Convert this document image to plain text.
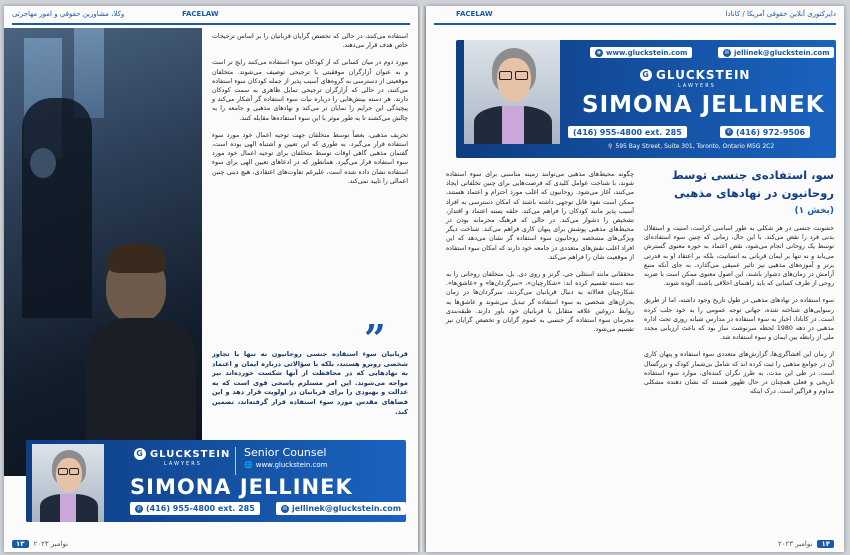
وکلا، مشاورین حقوقی و امور مهاجرتی	FACELAW

استفاده می‌کنند، در حالی که تخصص گرایان قربانیان را بر اساس ترجیحات خاص هدف قرار می‌دهند.

مورد دوم در میان کسانی که از کودکان سوء استفاده می‌کنند رایج تر است و به عنوان آزارگران موفقیتی با ترجیحی توصیف می‌شوند. متخلفان موقعیتی از دسترسی به گروه‌های آسیب پذیر از جمله کودکان سوء استفاده می‌کنند، در حالی که آزارگران ترجیحی تمایل ظاهری به سمت کودکان دارند. هر دسته بینش‌هایی را درباره نیات سوء استفاده گر آشکار می‌کند و پیچیدگی این جرایم را نمایان تر می‌کند و نهادهای مذهبی و جامعه را به چالش می‌کشند تا به طور موثر با این سوء استفاده‌ها مقابله کنند.

تحریف مذهبی، بعضاً توسط متخلفان جهت توجیه اعمال خود مورد سوء استفاده قرار می‌گیرد. به طوری که این تعیین و اشتباه الهی بوده است، گفتمان مذهبی گاهی اوقات توسط متخلفان برای توجیه اعمال خود مورد سوء استفاده قرار می‌گیرد. همانطور که در ادعاهای تعیین الهی برای سوء استفاده نشان داده شده است، علیرغم تفاوت‌های اعتقادی، هیچ دینی چنین اعمالی را تایید نمی‌کند.

”
قربانیان سوء استفاده جنسی روحانیون نه تنها با تجاوز شخصی روبرو هستند، بلکه با سؤالاتی درباره ایمان و اعتماد به نهادهایی که در محافظت از آنها شکست خورده‌اند نیز مواجه می‌شوند. این امر مستلزم پاسخی قوی است که به عدالت و بهبودی را برای قربانیان در اولویت قرار دهد و این فضاهای مقدس مورد سوء استفاده قرار گرفته‌اند، تضمین کند.
G GLUCKSTEIN
LAWYERS
Senior Counsel
🌐 www.gluckstein.com
SIMONA JELLINEK
✆ (416) 955-4800 ext. 285	✉ jellinek@gluckstein.com
۱۳	نوامبر ۲۰۲۳
FACELAW	دایرکتوری آنلاین حقوقی آمریکا / کانادا
⊕ www.gluckstein.com	✉ jellinek@gluckstein.com
G GLUCKSTEIN
LAWYERS
SIMONA JELLINEK
(416) 955-4800 ext. 285	✆ (416) 972-9506
⚲ 595 Bay Street, Suite 301, Toronto, Ontario M5G 2C2
سو، استفاده‌ی جنسی توسط
روحانیون در نهادهای مذهبی
(بخش ۱)

خشونت جنسی در هر شکلی به طور اساسی کرامت، امنیت و استقلال بدنی فرد را نقض می‌کند. با این حال، زمانی که چنین سوء استفاده‌ای توسط یک روحانی انجام می‌شود، نقض اعتماد به حوزه معنوی گسترش می‌یابد و نه تنها بر ایمان قربانی به انسانیت، بلکه بر اعتقاد او به قدرتی برتر و آموزه‌های مذهبی نیز تاثیر عمیقی می‌گذارد. به جای آنکه منبع آرامش در زمان‌های دشوار باشند، این اصول معنوی ممکن است با ضربه روحی از طرف کسانی که باید راهنمای اخلاقی باشند، آلوده شوند.

سوء استفاده در نهادهای مذهبی در طول تاریخ وجود داشته، اما از طریق رسوایی‌های شناخته شده، جهانی توجه عمومی را به خود جلب کرده است. در کانادا، اخبار به سوء استفاده در مدارس شبانه روزی تحت اداره مذهبی در دهه 1980 لحظه سرنوشت ساز بود که باعث ارزیابی مجدد ملی از رابطه بین ایمان و سوء استفاده شد.

از زمان این افشاگری‌ها، گزارش‌های متعددی سوء استفاده و پنهان کاری آن در جوامع مذهبی را ثبت کرده اند که شامل بی‌شمار کودک و بزرگسال است. در طی این مدت، به طرز نگران کننده‌ای، موارد سوء استفاده تاریخی و فعلی همچنان در حال ظهور هستند که نشان دهنده مشکلی مداوم و فراگیر است. درک اینکه

چگونه محیط‌های مذهبی می‌توانند زمینه مناسبی برای سوء استفاده شوند، با شناخت عوامل کلیدی که فرصت‌هایی برای چنین تخلفاتی ایجاد می‌کنند، آغاز می‌شود. روحانیون که اغلب مورد احترام و اعتماد هستند، ممکن است نفوذ قابل توجهی داشته باشند که امکان دسترسی به افراد آسیب پذیر مانند کودکان را فراهم می‌کند. حلقه بسته اعتماد و اقتدار، تشخیص را دشوار می‌کند. در حالی که فرهنگ محرمانه بودن در محیط‌های مذهبی پوشش برای پنهان کاری فراهم می‌کند. شناخت دیگر ویژگی‌های مشخصه روحانیون سوء استفاده گر نشان می‌دهد که این افراد اغلب نقش‌های متعددی در جامعه خود دارند که امکان سوء استفاده از موقعیت شان را فراهم می‌کند.

محققانی مانند استئلی جی. گرنز و روی دی. بل، متخلفان روحانی را به سه دسته تقسیم کرده اند: «شکارچیان»، «سرگردان‌ها» و «عاشق‌ها». شکارچیان فعالانه به دنبال قربانیان می‌گردند، سرگردان‌ها در زمان بحران‌های شخصی به سوء استفاده گر تبدیل می‌شوند و عاشق‌ها به روابط دروغین علاقه متقابل با قربانیان خود باور دارند. طبقه‌بندی مجرمان سوء استفاده گر جنسی به عموم گرایان و تخصص گرایان نیز تقسیم می‌شود.

نوامبر ۲۰۲۳	۱۴
